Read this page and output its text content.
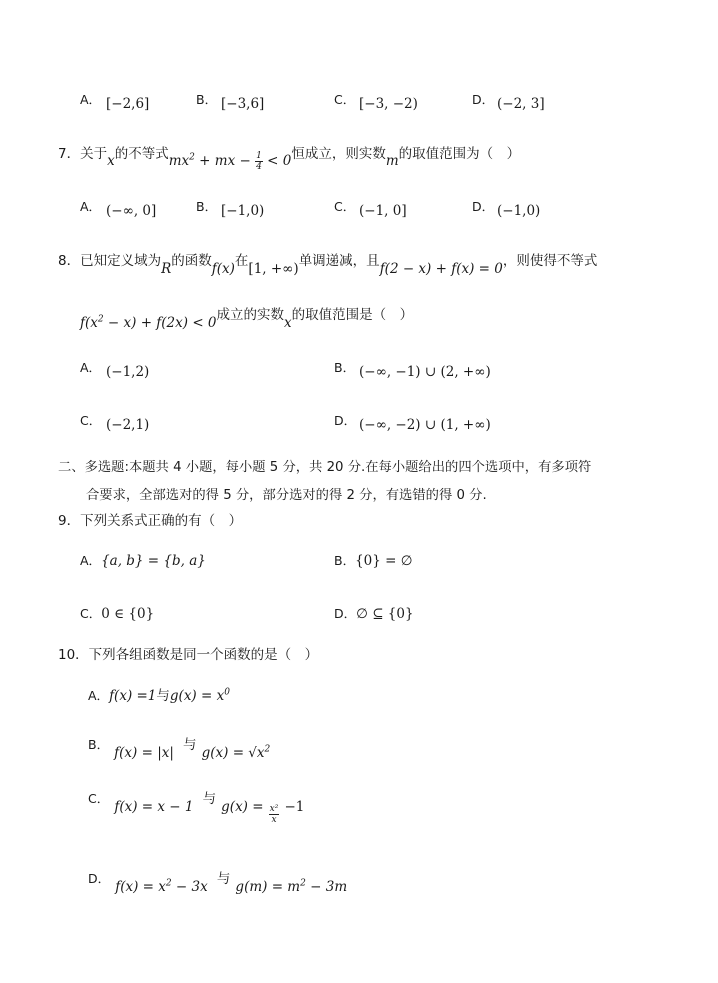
A． [−2,6]	B． [−3,6]	C． [−3, −2)	D． (−2, 3]
7．关于$_x$的不等式$_{mx^2 + mx - \frac{1}{4} < 0}$恒成立，则实数$_m$的取值范围为（　）
A． (−∞, 0]	B． [−1,0)	C． (−1, 0]	D． (−1,0)
8．已知定义域为$_R$的函数$_{f(x)}$在$_{[1, +\infty)}$单调递减，且$_{f(2 - x) + f(x) = 0}$，则使得不等式
$_{f(x^2 - x) + f(2x) < 0}$成立的实数$_x$的取值范围是（　）
A． (−1,2)	B． (−∞, −1) ∪ (2, +∞)
C． (−2,1)	D． (−∞, −2) ∪ (1, +∞)
二、多选题:本题共 4 小题，每小题 5 分，共 20 分.在每小题给出的四个选项中，有多项符
合要求，全部选对的得 5 分，部分选对的得 2 分，有选错的得 0 分.
9．下列关系式正确的有（　）
A．{a, b} = {b, a}	B．{0} = ∅
C．0 ∈ {0}	D．∅ ⊆ {0}
10．下列各组函数是同一个函数的是（　）
A．f(x) =1与$g(x) = x^0$
B． $_{f(x) = |x|}$ 与 $_{g(x) = √x^2}$
C． $_{f(x) = x - 1}$ 与 $_{g(x) =} \frac{\text{x²}}{x} _{-1}$
D． $_{f(x) = x^2 - 3x}$ 与 $_{g(m) = m^2 - 3m}$
